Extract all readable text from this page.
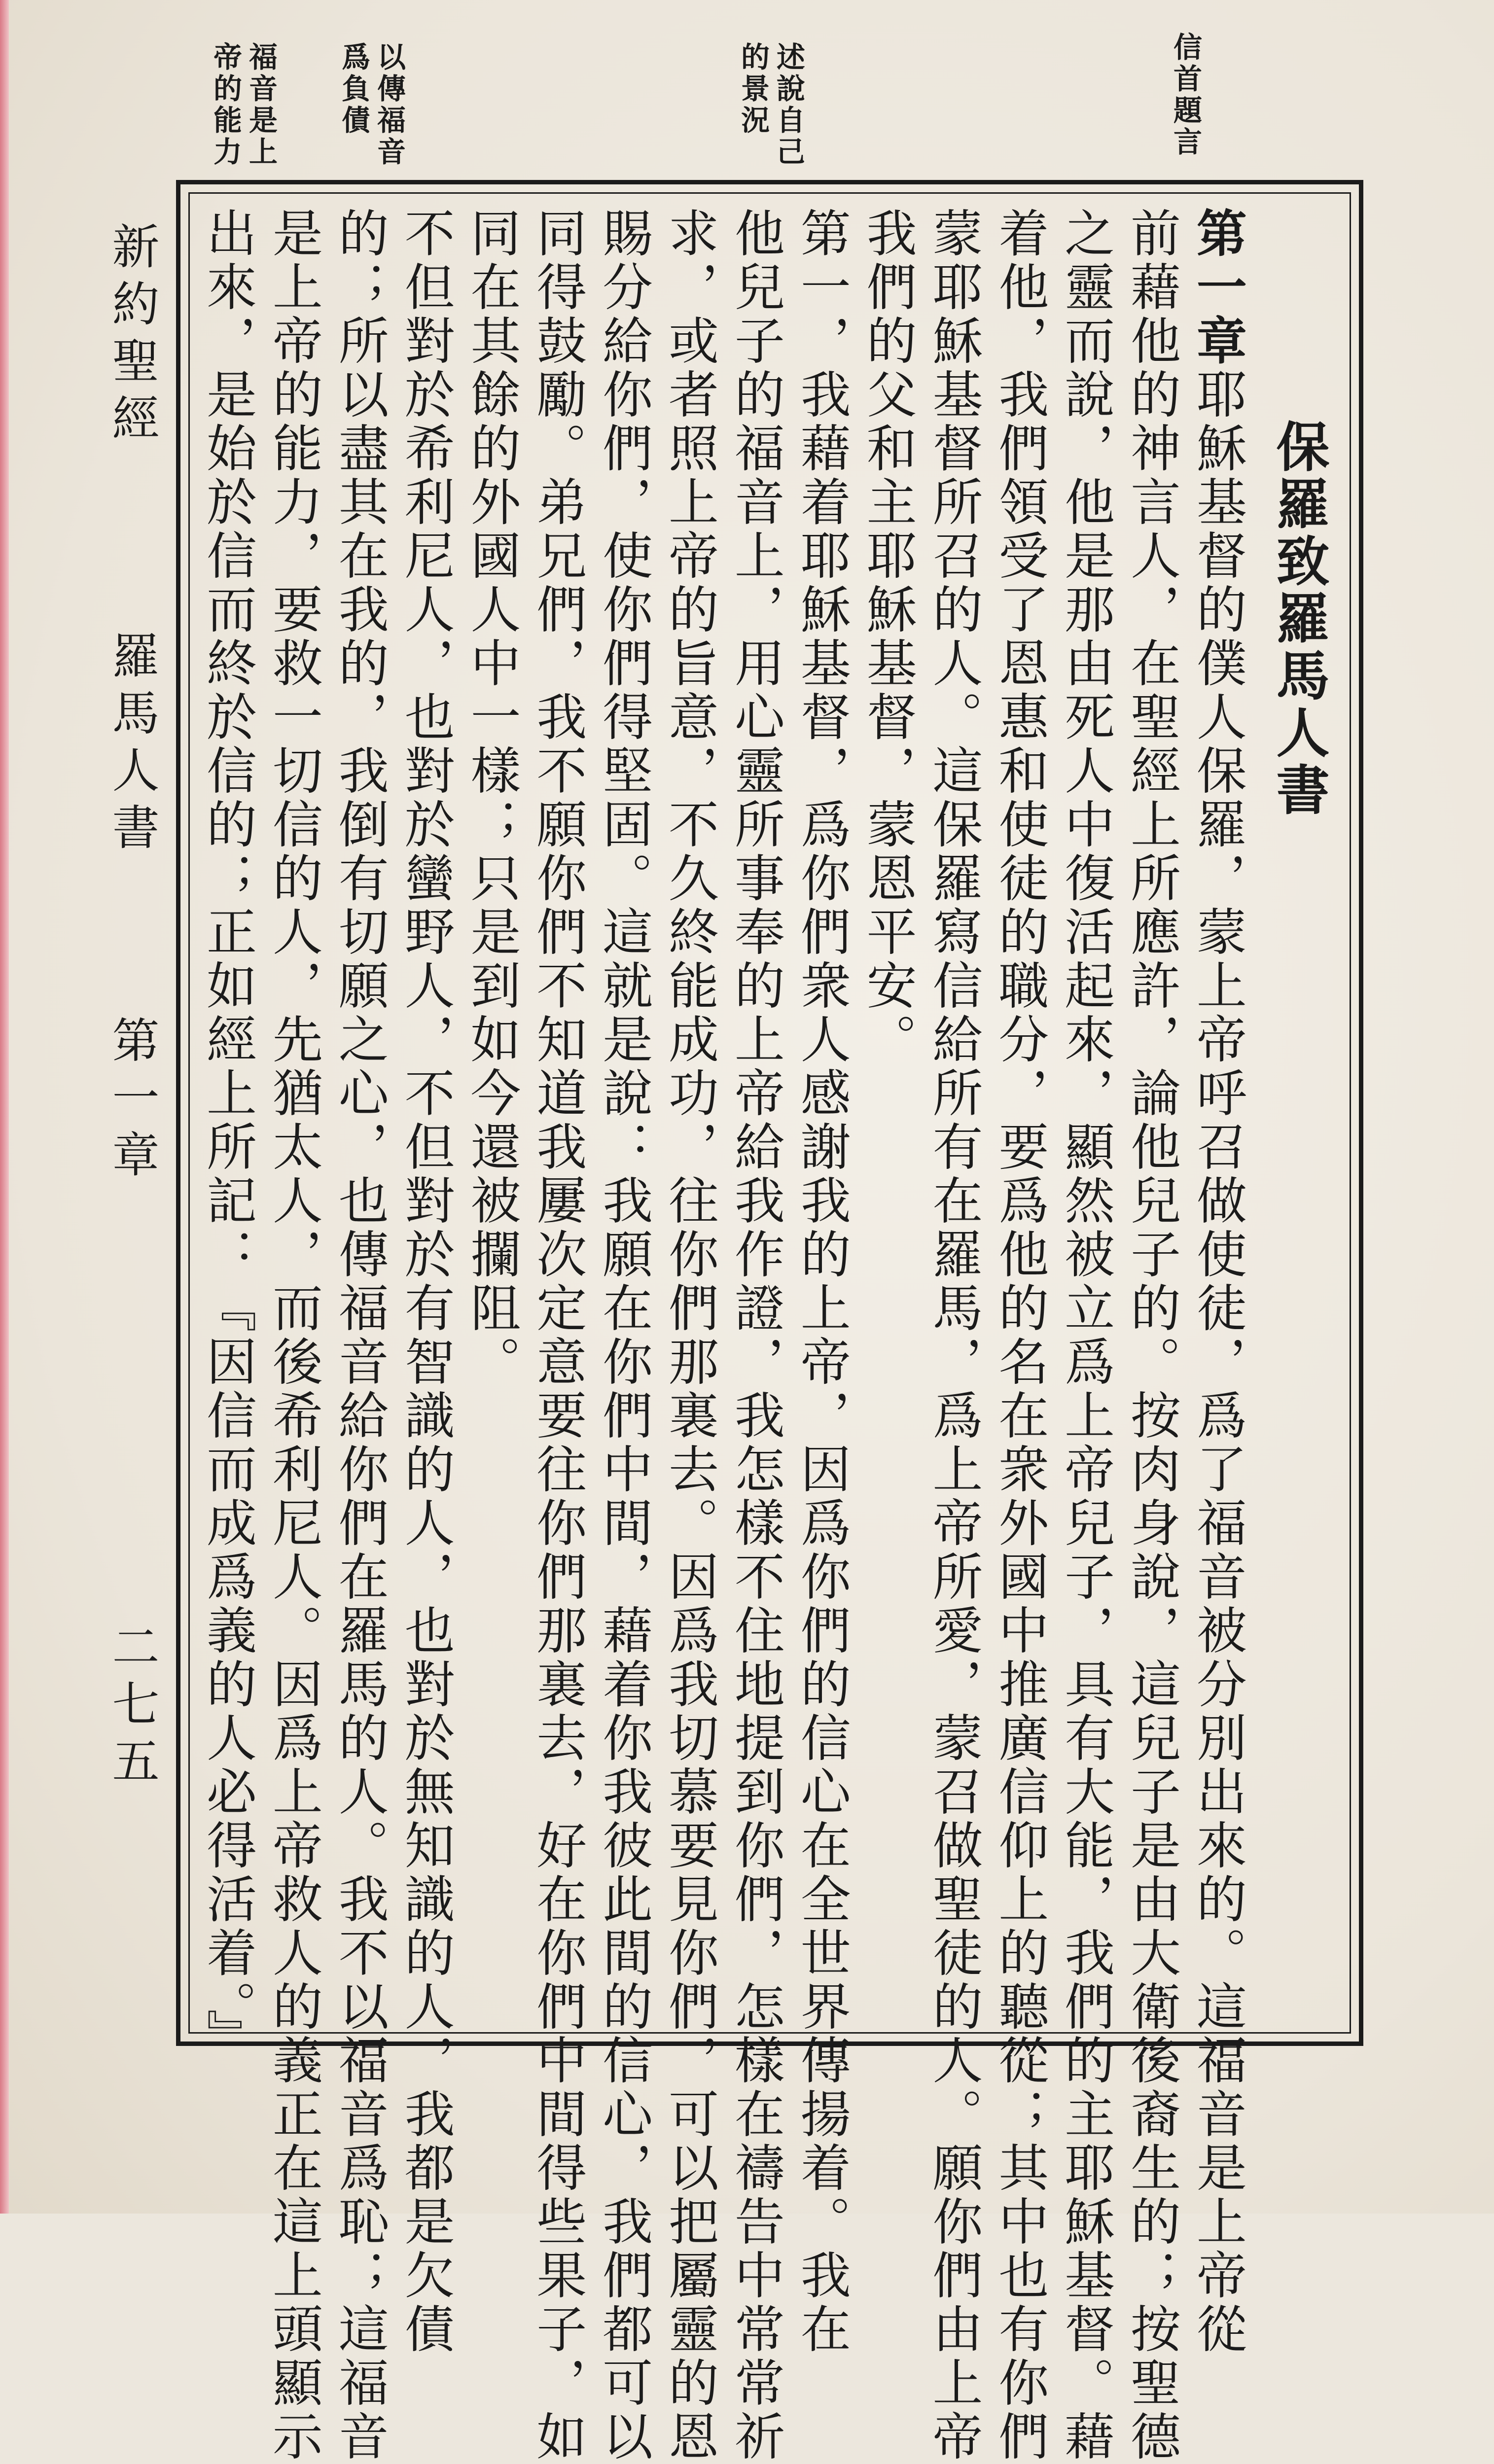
信首題言
述說自己
的景況
以傳福音
爲負債
福音是上
帝的能力
保羅致羅馬人書
第一章耶穌基督的僕人保羅，蒙上帝呼召做使徒，爲了福音被分別出來的。這福音是上帝從
前藉他的神言人，在聖經上所應許，論他兒子的。按肉身說，這兒子是由大衛後裔生的；按聖德
之靈而說，他是那由死人中復活起來，顯然被立爲上帝兒子，具有大能，我們的主耶穌基督。藉
着他，我們領受了恩惠和使徒的職分，要爲他的名在衆外國中推廣信仰上的聽從；其中也有你們
蒙耶穌基督所召的人。這保羅寫信給所有在羅馬，爲上帝所愛，蒙召做聖徒的人。願你們由上帝
我們的父和主耶穌基督，蒙恩平安。
第一，我藉着耶穌基督，爲你們衆人感謝我的上帝，因爲你們的信心在全世界傳揚着。我在
他兒子的福音上，用心靈所事奉的上帝給我作證，我怎樣不住地提到你們，怎樣在禱告中常常祈
求，或者照上帝的旨意，不久終能成功，往你們那裏去。因爲我切慕要見你們，可以把屬靈的恩
賜分給你們，使你們得堅固。這就是說：我願在你們中間，藉着你我彼此間的信心，我們都可以
同得鼓勵。弟兄們，我不願你們不知道我屢次定意要往你們那裏去，好在你們中間得些果子，如
同在其餘的外國人中一樣；只是到如今還被攔阻。
不但對於希利尼人，也對於蠻野人，不但對於有智識的人，也對於無知識的人，我都是欠債
的；所以盡其在我的，我倒有切願之心，也傳福音給你們在羅馬的人。我不以福音爲恥；這福音
是上帝的能力，要救一切信的人，先猶太人，而後希利尼人。因爲上帝救人的義正在這上頭顯示
出來，是始於信而終於信的；正如經上所記：『因信而成爲義的人必得活着。』
新約聖經
羅馬人書
第一章
二七五
